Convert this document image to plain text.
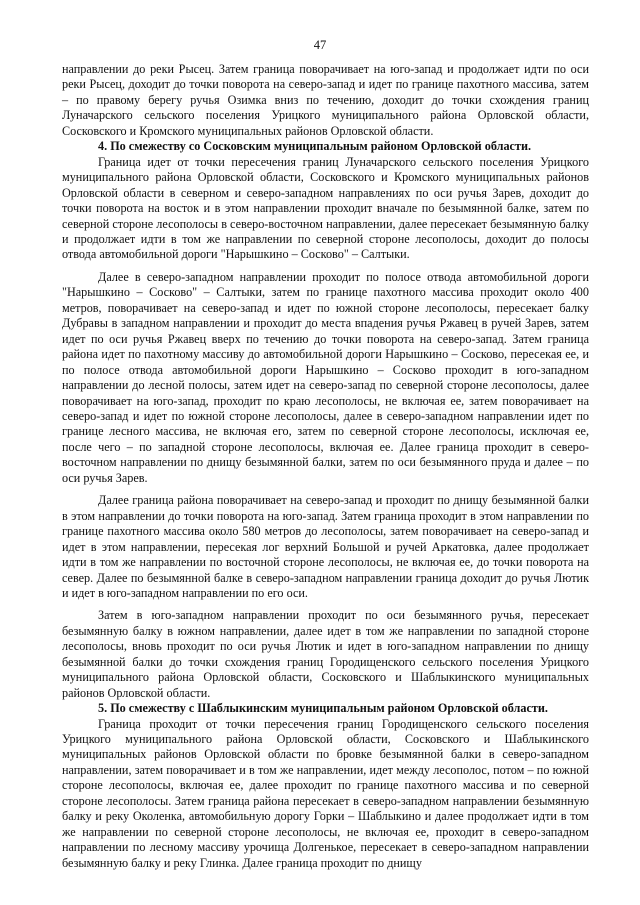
47

направлении до реки Рысец. Затем граница поворачивает на юго-запад и продолжает идти по оси реки Рысец, доходит до точки поворота на северо-запад и идет по границе пахотного массива, затем – по правому берегу ручья Озимка вниз по течению, доходит до точки схождения границ Луначарского сельского поселения Урицкого муниципального района Орловской области, Сосковского и Кромского муниципальных районов Орловской области.

4. По смежеству со Сосковским муниципальным районом Орловской области.

Граница идет от точки пересечения границ Луначарского сельского поселения Урицкого муниципального района Орловской области, Сосковского и Кромского муниципальных районов Орловской области в северном и северо-западном направлениях по оси ручья Зарев, доходит до точки поворота на восток и в этом направлении проходит вначале по безымянной балке, затем по северной стороне лесополосы в северо-восточном направлении, далее пересекает безымянную балку и продолжает идти в том же направлении по северной стороне лесополосы, доходит до полосы отвода автомобильной дороги "Нарышкино – Сосково" – Салтыки.

Далее в северо-западном направлении проходит по полосе отвода автомобильной дороги "Нарышкино – Сосково" – Салтыки, затем по границе пахотного массива проходит около 400 метров, поворачивает на северо-запад и идет по южной стороне лесополосы, пересекает балку Дубравы в западном направлении и проходит до места впадения ручья Ржавец в ручей Зарев, затем идет по оси ручья Ржавец вверх по течению до точки поворота на северо-запад. Затем граница района идет по пахотному массиву до автомобильной дороги Нарышкино – Сосково, пересекая ее, и по полосе отвода автомобильной дороги Нарышкино – Сосково проходит в юго-западном направлении до лесной полосы, затем идет на северо-запад по северной стороне лесополосы, далее поворачивает на юго-запад, проходит по краю лесополосы, не включая ее, затем поворачивает на северо-запад и идет по южной стороне лесополосы, далее в северо-западном направлении идет по границе лесного массива, не включая его, затем по северной стороне лесополосы, исключая ее, после чего – по западной стороне лесополосы, включая ее. Далее граница проходит в северо-восточном направлении по днищу безымянной балки, затем по оси безымянного пруда и далее – по оси ручья Зарев.

Далее граница района поворачивает на северо-запад и проходит по днищу безымянной балки в этом направлении до точки поворота на юго-запад. Затем граница проходит в этом направлении по границе пахотного массива около 580 метров до лесополосы, затем поворачивает на северо-запад и идет в этом направлении, пересекая лог верхний Большой и ручей Аркатовка, далее продолжает идти в том же направлении по восточной стороне лесополосы, не включая ее, до точки поворота на север. Далее по безымянной балке в северо-западном направлении граница доходит до ручья Лютик и идет в юго-западном направлении по его оси.

Затем в юго-западном направлении проходит по оси безымянного ручья, пересекает безымянную балку в южном направлении, далее идет в том же направлении по западной стороне лесополосы, вновь проходит по оси ручья Лютик и идет в юго-западном направлении по днищу безымянной балки до точки схождения границ Городищенского сельского поселения Урицкого муниципального района Орловской области, Сосковского и Шаблыкинского муниципальных районов Орловской области.

5. По смежеству с Шаблыкинским муниципальным районом Орловской области.

Граница проходит от точки пересечения границ Городищенского сельского поселения Урицкого муниципального района Орловской области, Сосковского и Шаблыкинского муниципальных районов Орловской области по бровке безымянной балки в северо-западном направлении, затем поворачивает и в том же направлении, идет между лесополос, потом – по южной стороне лесополосы, включая ее, далее проходит по границе пахотного массива и по северной стороне лесополосы. Затем граница района пересекает в северо-западном направлении безымянную балку и реку Околенка, автомобильную дорогу Горки – Шаблыкино и далее продолжает идти в том же направлении по северной стороне лесополосы, не включая ее, проходит в северо-западном направлении по лесному массиву урочища Долгенькое, пересекает в северо-западном направлении безымянную балку и реку Глинка. Далее граница проходит по днищу
